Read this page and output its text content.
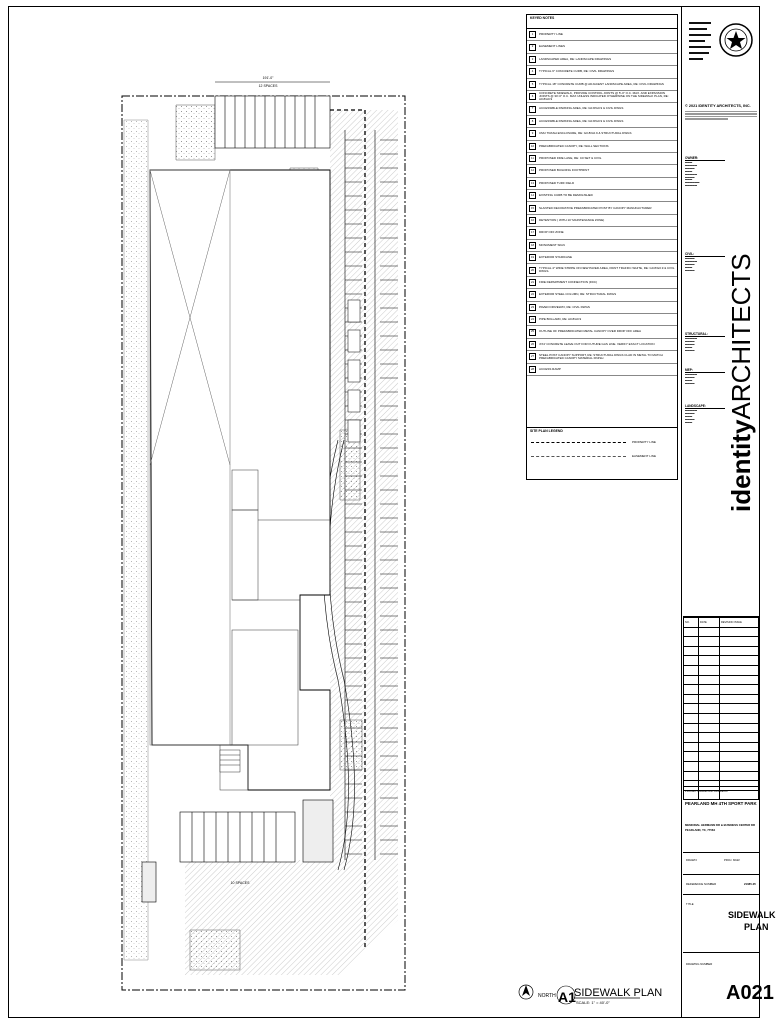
191'-0"
12 SPACES
10 SPACES
NORTH A1
SIDEWALK PLAN
SCALE: 1" = 40'-0"
KEYED NOTES
1	PROPERTY LINE
2	EASEMENT LINES
3	LANDSCAPED AREA, RE: LANDSCAPE DRAWINGS
4	TYPICAL 6" CONCRETE CURB, RE: CIVIL DRAWINGS
5	TYPICAL 18" CONCRETE CURB @ ADJACENT LANDSCAPE AREA, RE: CIVIL DRAWINGS
6
CONCRETE SIDEWALK, PROVIDE CONTROL JOINTS @ 5'-0" O.C. MAX. AND EXPANSION JOINTS @ 30'-0" O.C. MAX UNLESS INDICATED OTHERWISE ON THE SIDEWALK PLAN, RE: A0.8/A0.9
7	ACCESSIBLE PARKING AREA, RE: G0.8/G0.9 & CIVIL DWGS
8	ACCESSIBLE PARKING AREA, RE: G0.8/G0.9 & CIVIL DWGS
9	CMU TRASH ENCLOSURE, RE: G0.8/G0.9 & STRUCTURAL DWGS
10	PREFABRICATED CANOPY, RE: WALL SECTIONS
11	PROPOSED FIRE LANE, RE: C0 SET & CIVIL
12	PROPOSED BUILDING FOOTPRINT
13	PROPOSED TURF FIELD
14	EXISTING CURB TO BE DEMOLISHED
15	SLANTED DECORATIVE PREFABRICATED POST BY CANOPY MANUFACTURER
16	DETENTION ( WITH 10' MAINTENANCE ZONE)
17	DROP OFF ZONE
18	MONUMENT SIGN
19	EXTERIOR STAIRCASE
20	TYPICAL 4" WIDE STRIPE ON NEW PAVED AREA, PAINT TRAFFIC WHITE, RE: G0.8/G0.9 & CIVIL DWGS.
21	FIRE DEPARTMENT CONNECTION (FDC)
22	EXTERIOR STEEL COLUMN, RE: STRUCTURAL DWGS
23	PAVED DRIVEWAY, RE: CIVIL DWGS
24	PIPE BOLLARD, RE: A0.8/A0.9
25	OUTLINE OF PREFABRICATED METAL CANOPY OVER DROP OFF AREA
26	4'X4' CONCRETE LEAVE OUT FOR FUTURE GAS LINE. VERIFY EXACT LOCATION
27	STEEL POST CANOPY SUPPORT, RE: STRUCTURAL DWGS CLAD IN METAL TO MATCH PREFABRICATED CANOPY MATERIAL FINISH
28	ACCESS RAMP
SITE PLAN LEGEND
PROPERTY LINE
EASEMENT LINE
© 2021 IDENTITY ARCHITECTS, INC.
OWNER:
▬▬▬
▬▬▬▬▬
▬▬▬▬
▬▬▬
▬▬▬▬▬
▬▬▬▬
▬▬▬
▬▬▬▬▬▬
▬▬▬▬▬
CIVIL:
▬▬▬▬
▬▬▬▬▬
▬▬▬▬
▬▬▬
▬▬▬▬
STRUCTURAL:
▬▬▬▬▬
▬▬▬▬
▬▬▬▬
▬▬▬
▬▬▬▬
MEP:
▬▬▬▬▬
▬▬▬▬
▬▬▬
▬▬▬▬
LANDSCAPE:
▬▬▬▬▬
▬▬▬▬
▬▬▬
▬▬▬▬
▬▬▬	identityARCHITECTS
NO.	DATE	REVISION ISSUE

PROJECT NAME AND ADDRESS
PEARLAND MH 4TH SPORT PARK
MEMORIAL HERMANN DR & BUSINESS CENTER DR
PEARLAND, TX, 77584
DRAWN:	PROJ. MGR:
REFERENCE NUMBER	21085-05
TITLE
SIDEWALK
PLAN
DRAWING NUMBER
A021
